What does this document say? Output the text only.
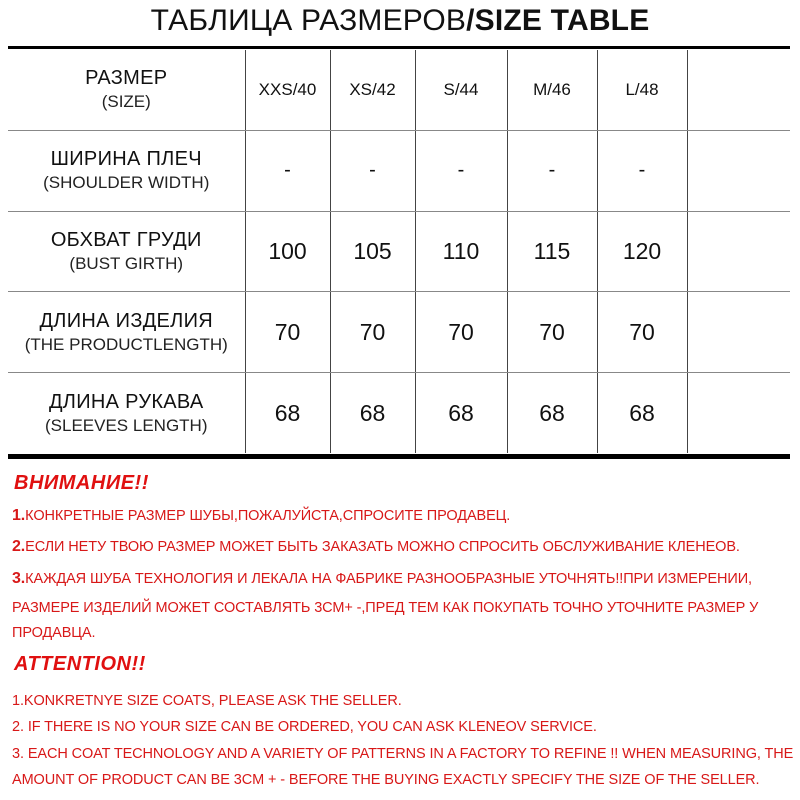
ТАБЛИЦА РАЗМЕРОВ/SIZE TABLE
РАЗМЕР
(SIZE)	XXS/40	XS/42	S/44	M/46	L/48	

ШИРИНА ПЛЕЧ
(SHOULDER WIDTH)	-	-	-	-	-	

ОБХВАТ ГРУДИ
(BUST GIRTH)	100	105	110	115	120	

ДЛИНА ИЗДЕЛИЯ
(THE PRODUCTLENGTH)	70	70	70	70	70	

ДЛИНА РУКАВА
(SLEEVES LENGTH)	68	68	68	68	68	
ВНИМАНИЕ!!
1.КОНКРЕТНЫЕ РАЗМЕР ШУБЫ,ПОЖАЛУЙСТА,СПРОСИТЕ ПРОДАВЕЦ.
2.ЕСЛИ НЕТУ ТВОЮ РАЗМЕР МОЖЕТ БЫТЬ ЗАКАЗАТЬ МОЖНО СПРОСИТЬ ОБСЛУЖИВАНИЕ КЛЕНЕОВ.
3.КАЖДАЯ ШУБА ТЕХНОЛОГИЯ И ЛЕКАЛА НА ФАБРИКЕ РАЗНООБРАЗНЫЕ УТОЧНЯТЬ!!ПРИ ИЗМЕРЕНИИ,
РАЗМЕРЕ ИЗДЕЛИЙ МОЖЕТ СОСТАВЛЯТЬ 3СМ+ -,ПРЕД ТЕМ КАК ПОКУПАТЬ ТОЧНО УТОЧНИТЕ РАЗМЕР У
ПРОДАВЦА.
ATTENTION!!
1.KONKRETNYE SIZE COATS, PLEASE ASK THE SELLER.
2. IF THERE IS NO YOUR SIZE CAN BE ORDERED, YOU CAN ASK KLENEOV SERVICE.
3. EACH COAT TECHNOLOGY AND A VARIETY OF PATTERNS IN A FACTORY TO REFINE !! WHEN MEASURING, THE
AMOUNT OF PRODUCT CAN BE 3CM + - BEFORE THE BUYING EXACTLY SPECIFY THE SIZE OF THE SELLER.
